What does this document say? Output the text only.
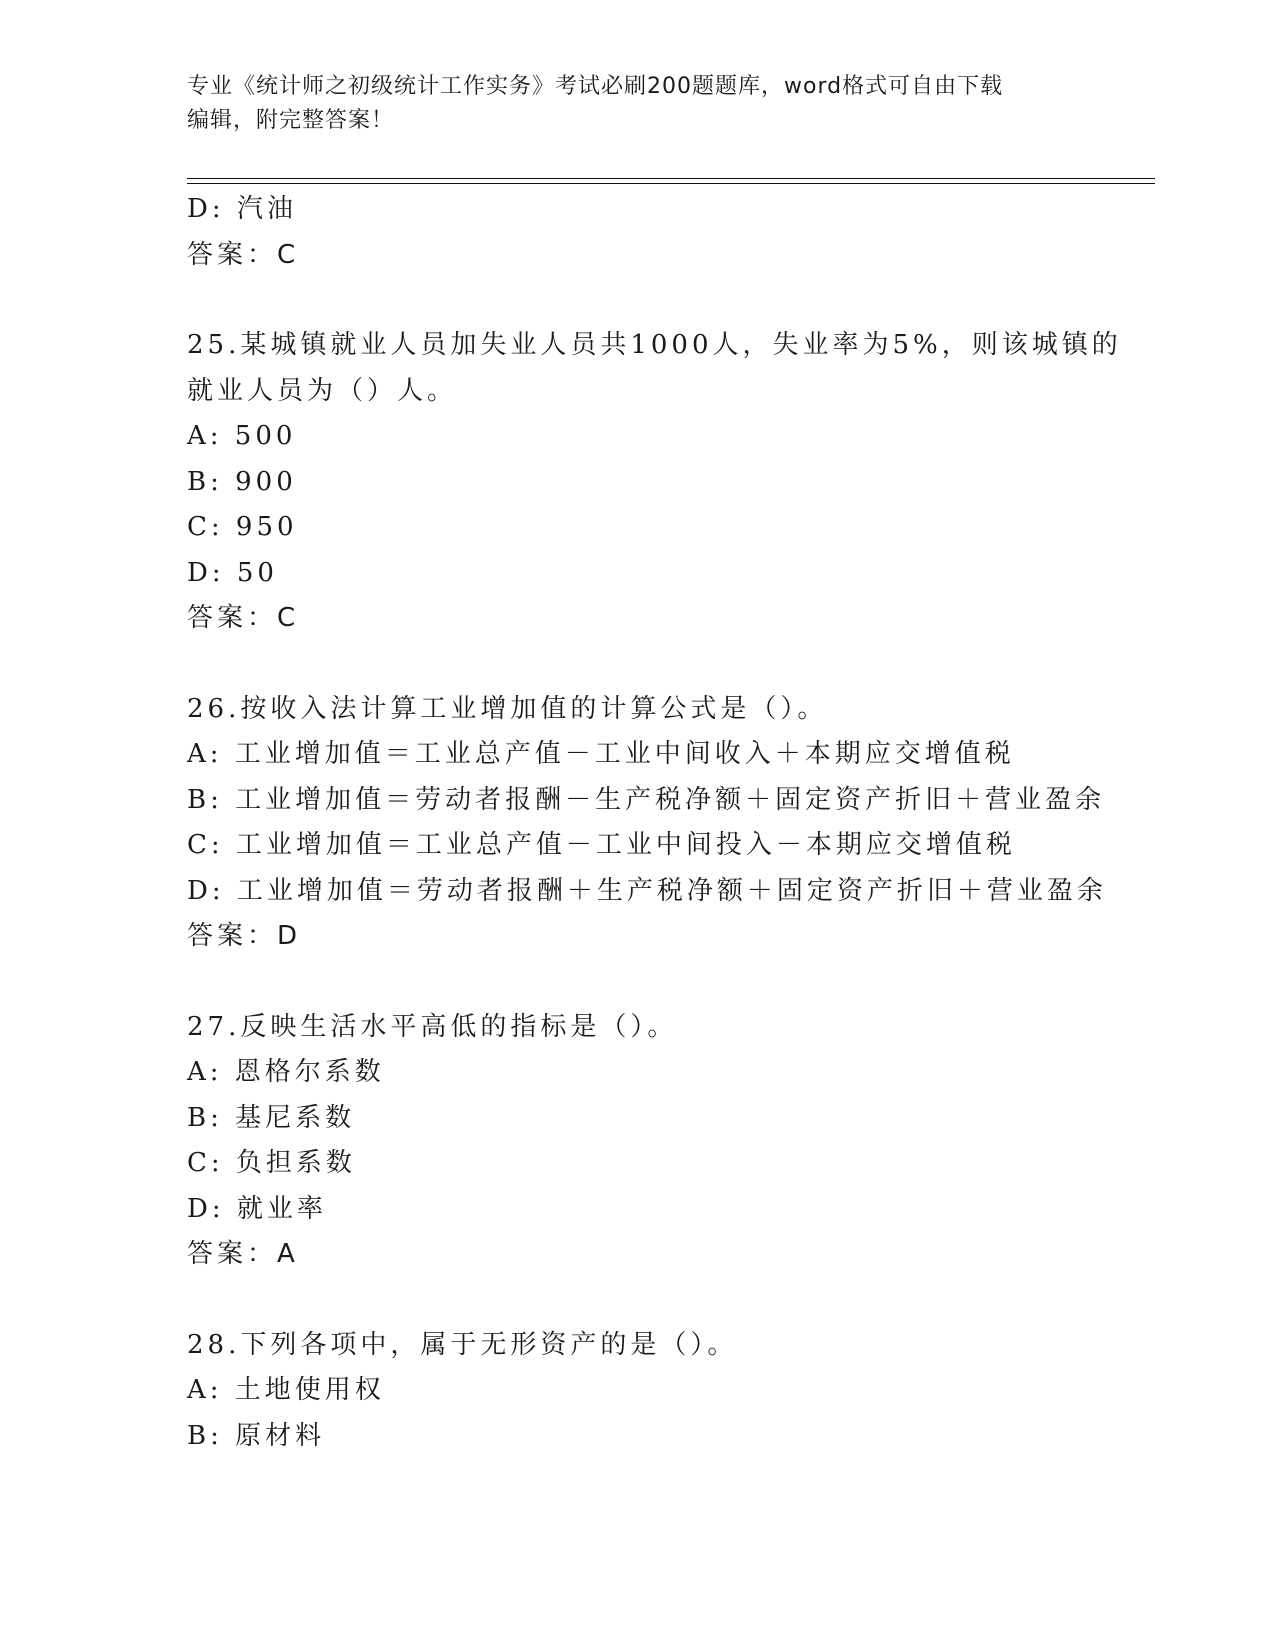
专业《统计师之初级统计工作实务》考试必刷200题题库，word格式可自由下载
编辑，附完整答案！
D: 汽油
答案：C
25.某城镇就业人员加失业人员共1000人，失业率为5%，则该城镇的
就业人员为（）人。
A: 500
B: 900
C: 950
D: 50
答案：C
26.按收入法计算工业增加值的计算公式是（）。
A: 工业增加值＝工业总产值－工业中间收入＋本期应交增值税
B: 工业增加值＝劳动者报酬－生产税净额＋固定资产折旧＋营业盈余
C: 工业增加值＝工业总产值－工业中间投入－本期应交增值税
D: 工业增加值＝劳动者报酬＋生产税净额＋固定资产折旧＋营业盈余
答案：D
27.反映生活水平高低的指标是（）。
A: 恩格尔系数
B: 基尼系数
C: 负担系数
D: 就业率
答案：A
28.下列各项中，属于无形资产的是（）。
A: 土地使用权
B: 原材料
